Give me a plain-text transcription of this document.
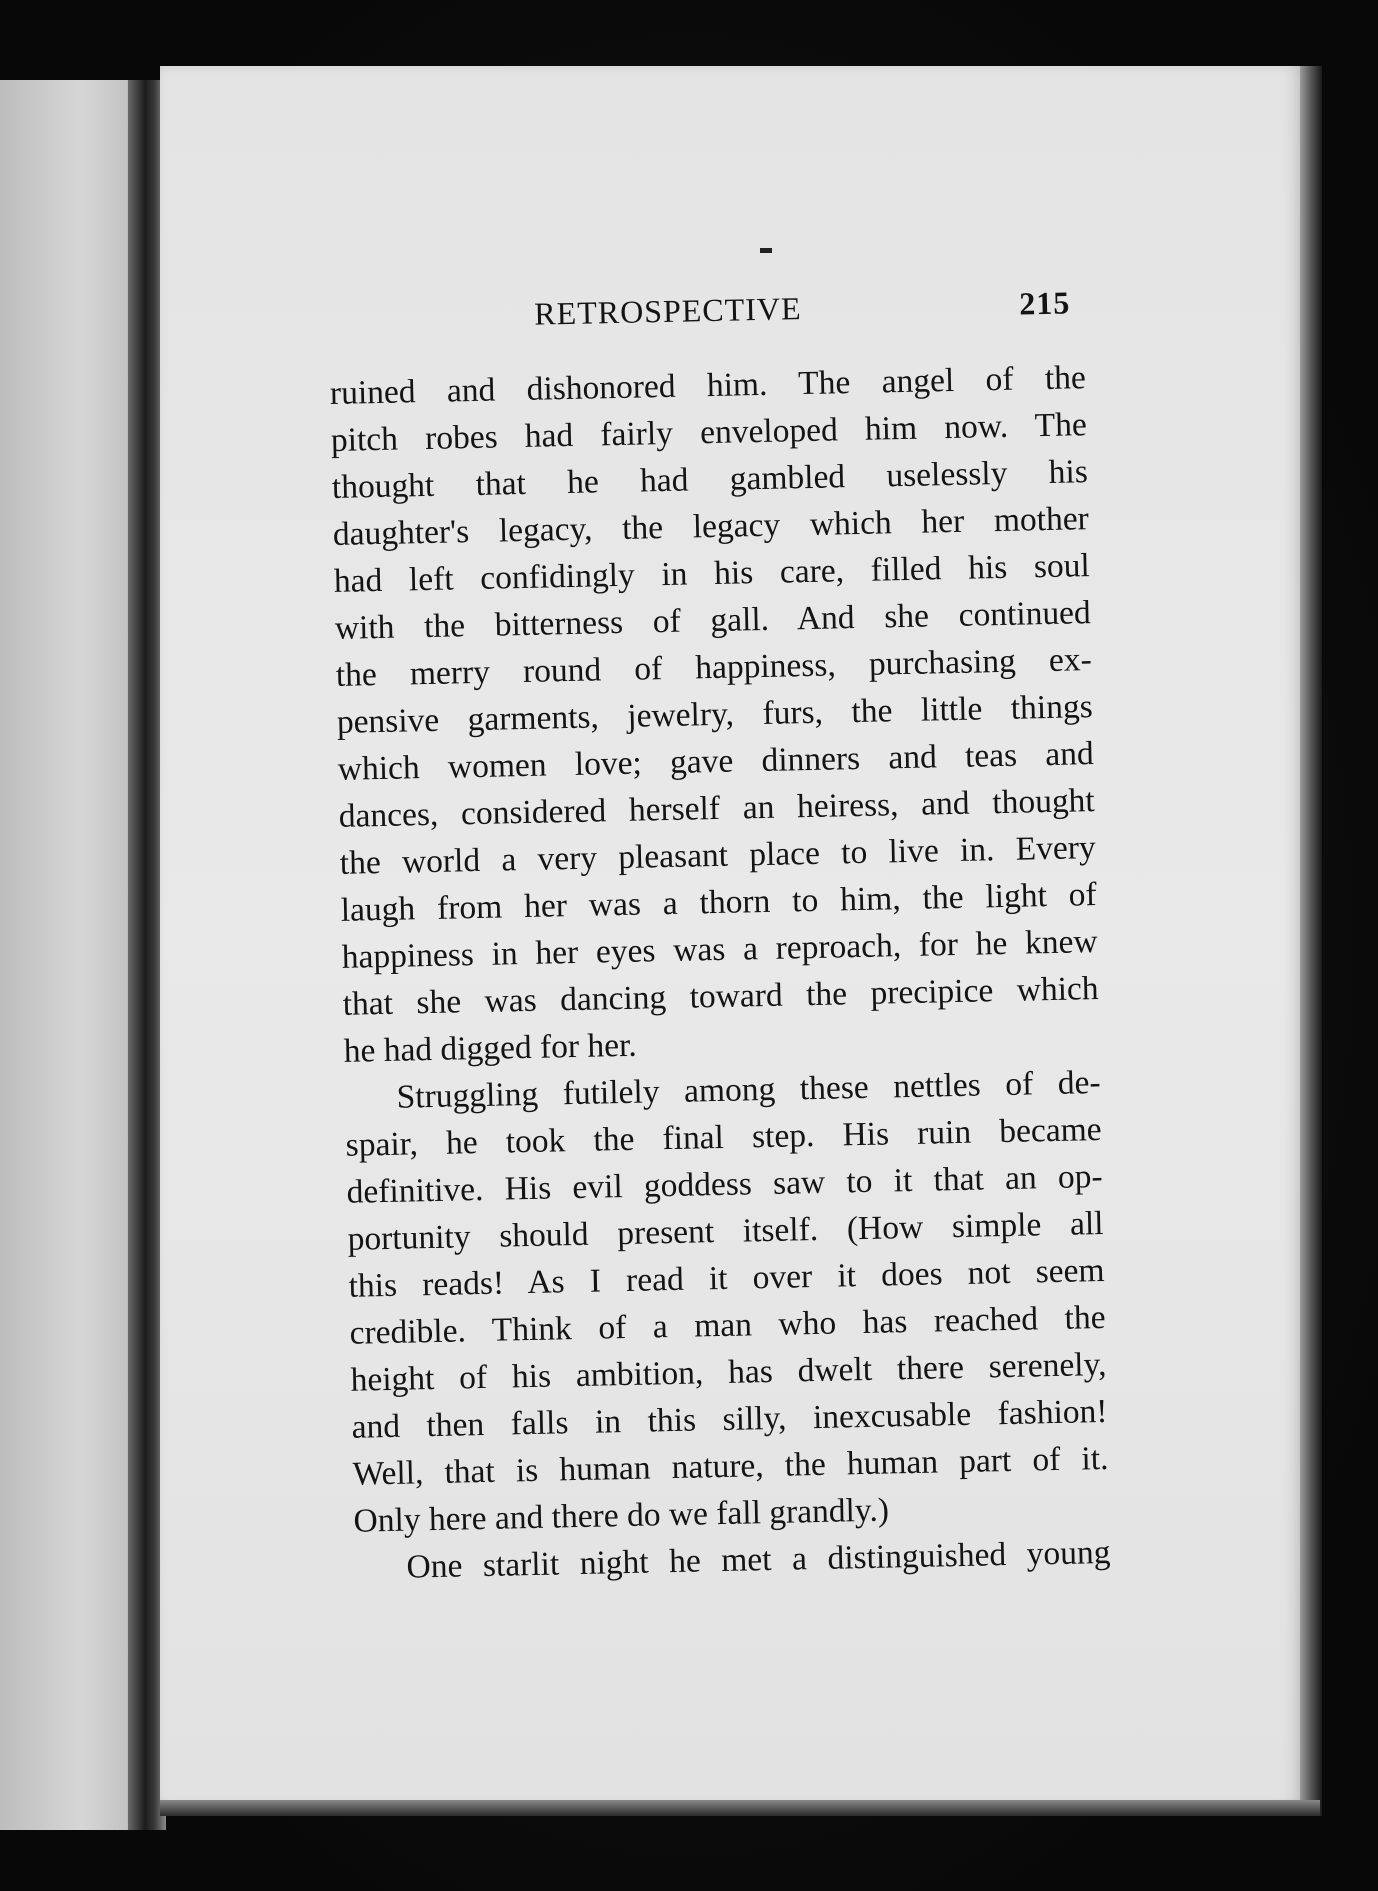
RETROSPECTIVE	215
ruined and dishonored him. The angel of the
pitch robes had fairly enveloped him now. The
thought that he had gambled uselessly his
daughter's legacy, the legacy which her mother
had left confidingly in his care, filled his soul
with the bitterness of gall. And she continued
the merry round of happiness, purchasing ex-
pensive garments, jewelry, furs, the little things
which women love; gave dinners and teas and
dances, considered herself an heiress, and thought
the world a very pleasant place to live in. Every
laugh from her was a thorn to him, the light of
happiness in her eyes was a reproach, for he knew
that she was dancing toward the precipice which
he had digged for her.
Struggling futilely among these nettles of de-
spair, he took the final step. His ruin became
definitive. His evil goddess saw to it that an op-
portunity should present itself. (How simple all
this reads! As I read it over it does not seem
credible. Think of a man who has reached the
height of his ambition, has dwelt there serenely,
and then falls in this silly, inexcusable fashion!
Well, that is human nature, the human part of it.
Only here and there do we fall grandly.)
One starlit night he met a distinguished young
